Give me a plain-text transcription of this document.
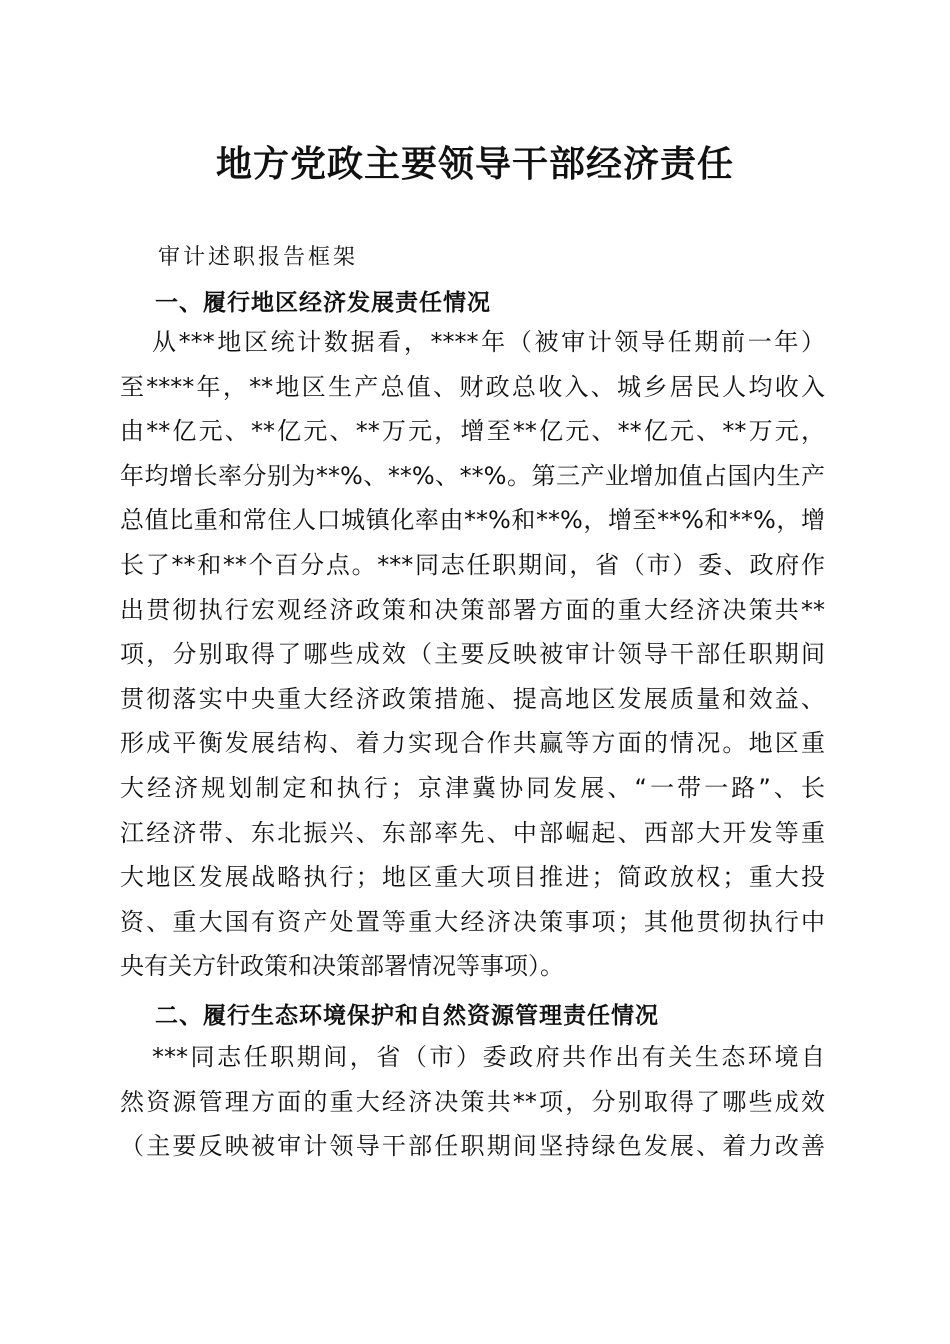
地方党政主要领导干部经济责任
审计述职报告框架
一、履行地区经济发展责任情况
从***地区统计数据看，****年（被审计领导任期前一年）
至****年，**地区生产总值、财政总收入、城乡居民人均收入
由**亿元、**亿元、**万元，增至**亿元、**亿元、**万元，
年均增长率分别为**%、**%、**%。第三产业增加值占国内生产
总值比重和常住人口城镇化率由**%和**%，增至**%和**%，增
长了**和**个百分点。***同志任职期间，省（市）委、政府作
出贯彻执行宏观经济政策和决策部署方面的重大经济决策共**
项，分别取得了哪些成效（主要反映被审计领导干部任职期间
贯彻落实中央重大经济政策措施、提高地区发展质量和效益、
形成平衡发展结构、着力实现合作共赢等方面的情况。地区重
大经济规划制定和执行；京津冀协同发展、“一带一路”、长
江经济带、东北振兴、东部率先、中部崛起、西部大开发等重
大地区发展战略执行；地区重大项目推进；简政放权；重大投
资、重大国有资产处置等重大经济决策事项；其他贯彻执行中
央有关方针政策和决策部署情况等事项）。
二、履行生态环境保护和自然资源管理责任情况
***同志任职期间，省（市）委政府共作出有关生态环境自
然资源管理方面的重大经济决策共**项，分别取得了哪些成效
（主要反映被审计领导干部任职期间坚持绿色发展、着力改善
